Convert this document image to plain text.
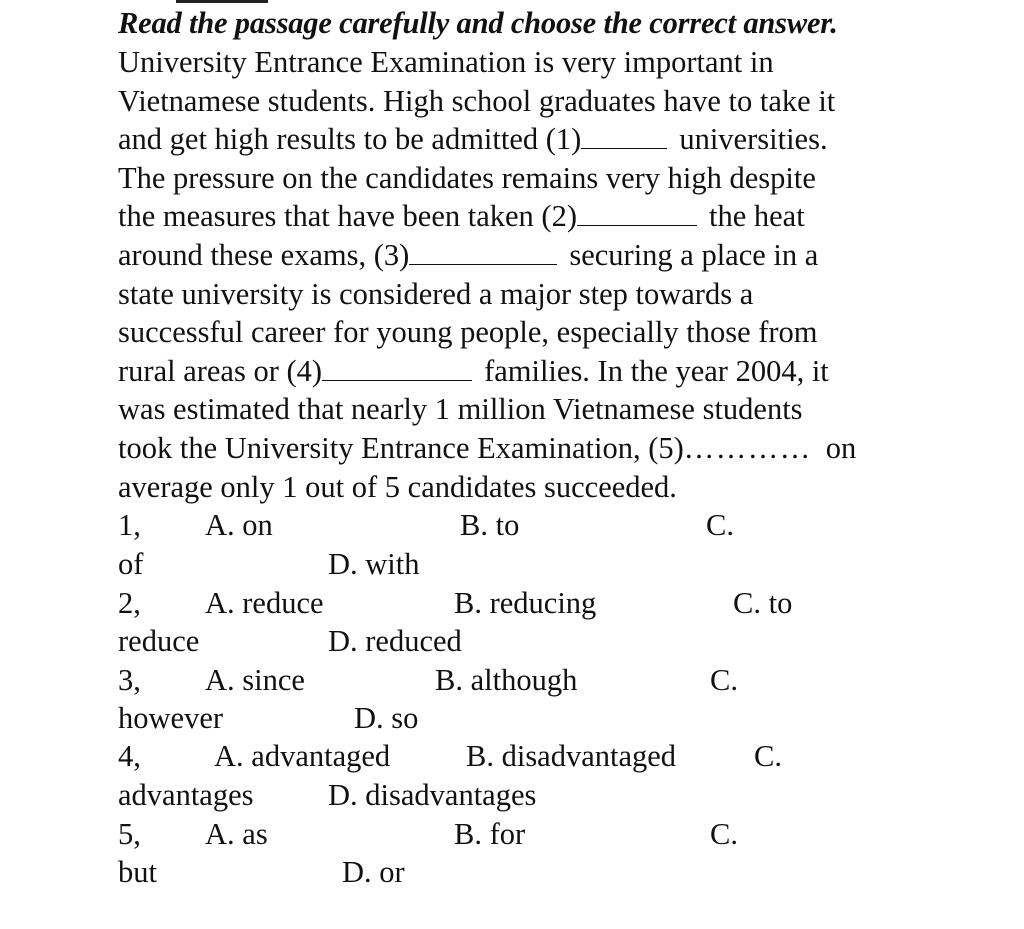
Read the passage carefully and choose the correct answer.
University Entrance Examination is very important in
Vietnamese students. High school graduates have to take it
and get high results to be admitted (1)	universities.
The pressure on the candidates remains very high despite
the measures that have been taken (2)	the heat
around these exams, (3)	securing a place in a
state university is considered a major step towards a
successful career for young people, especially those from
rural areas or (4)	families. In the year 2004, it
was estimated that nearly 1 million Vietnamese students
took the University Entrance Examination, (5)………… on
average only 1 out of 5 candidates succeeded.
1, A. on	B. to	C.
of	D. with
2, A. reduce	B. reducing	C. to
reduce	D. reduced
3, A. since	B. although	C.
however	D. so
4, A. advantaged B. disadvantaged	C.
advantages D. disadvantages
5, A. as	B. for	C.
but	D. or
